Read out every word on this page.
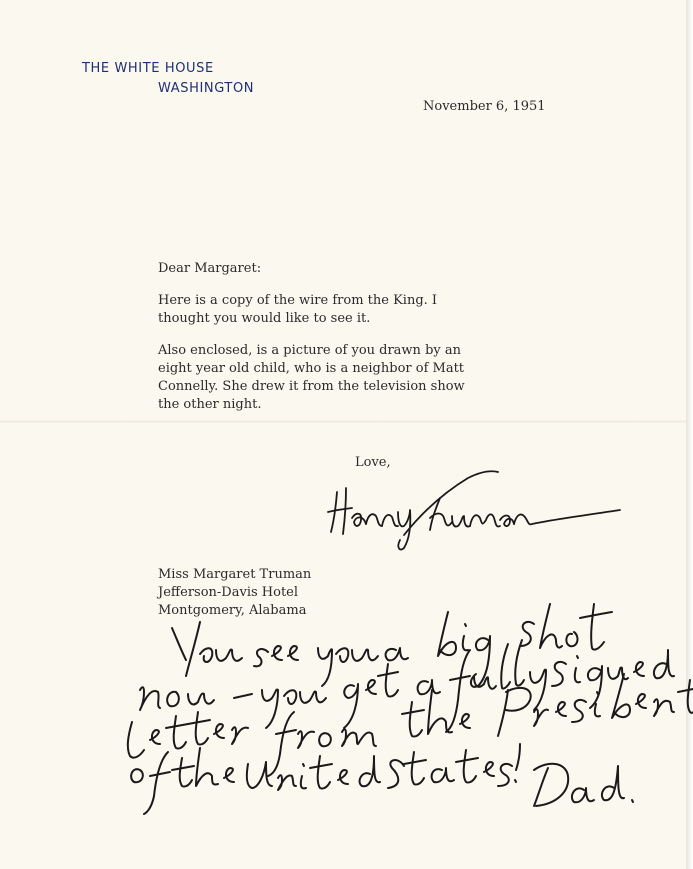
THE WHITE HOUSE
WASHINGTON
November 6, 1951
Dear Margaret:
Here is a copy of the wire from the King. I
thought you would like to see it.
Also enclosed, is a picture of you drawn by an
eight year old child, who is a neighbor of Matt
Connelly. She drew it from the television show
the other night.
Love,
Miss Margaret Truman
Jefferson-Davis Hotel
Montgomery, Alabama
